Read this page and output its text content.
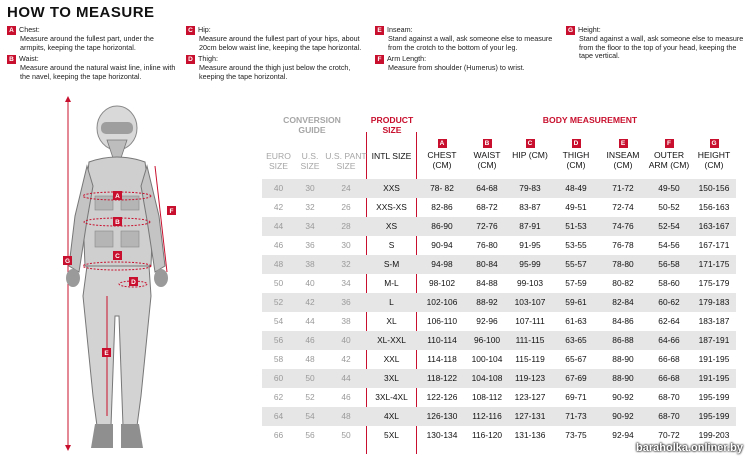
HOW TO MEASURE
A Chest:
Measure around the fullest part, under the armpits, keeping the tape horizontal.
B Waist:
Measure around the natural waist line, inline with the navel, keeping the tape horizontal.
C Hip:
Measure around the fullest part of your hips, about 20cm below waist line, keeping the tape horizontal.
D Thigh:
Measure around the thigh just below the crotch, keeping the tape horizontal.
E Inseam:
Stand against a wall, ask someone else to measure from the crotch to the bottom of your leg.
F Arm Length:
Measure from shoulder (Humerus) to wrist.
G Height:
Stand against a wall, ask someone else to measure from the floor to the top of your head, keeping the tape vertical.
A
B
C
D
E
F
G
CONVERSION GUIDE
PRODUCT SIZE
BODY MEASUREMENT
EURO SIZE
U.S. SIZE
U.S. PANT SIZE
INTL SIZE
A
CHEST (CM)
B
WAIST (CM)
C
HIP (CM)
D
THIGH (CM)
E
INSEAM (CM)
F
OUTER ARM (CM)
G
HEIGHT (CM)
40	30	24	XXS	78- 82	64-68	79-83	48-49	71-72	49-50	150-156
42	32	26	XXS-XS	82-86	68-72	83-87	49-51	72-74	50-52	156-163
44	34	28	XS	86-90	72-76	87-91	51-53	74-76	52-54	163-167
46	36	30	S	90-94	76-80	91-95	53-55	76-78	54-56	167-171
48	38	32	S-M	94-98	80-84	95-99	55-57	78-80	56-58	171-175
50	40	34	M-L	98-102	84-88	99-103	57-59	80-82	58-60	175-179
52	42	36	L	102-106	88-92	103-107	59-61	82-84	60-62	179-183
54	44	38	XL	106-110	92-96	107-111	61-63	84-86	62-64	183-187
56	46	40	XL-XXL	110-114	96-100	111-115	63-65	86-88	64-66	187-191
58	48	42	XXL	114-118	100-104	115-119	65-67	88-90	66-68	191-195
60	50	44	3XL	118-122	104-108	119-123	67-69	88-90	66-68	191-195
62	52	46	3XL-4XL	122-126	108-112	123-127	69-71	90-92	68-70	195-199
64	54	48	4XL	126-130	112-116	127-131	71-73	90-92	68-70	195-199
66	56	50	5XL	130-134	116-120	131-136	73-75	92-94	70-72	199-203
baraholka.onliner.by
